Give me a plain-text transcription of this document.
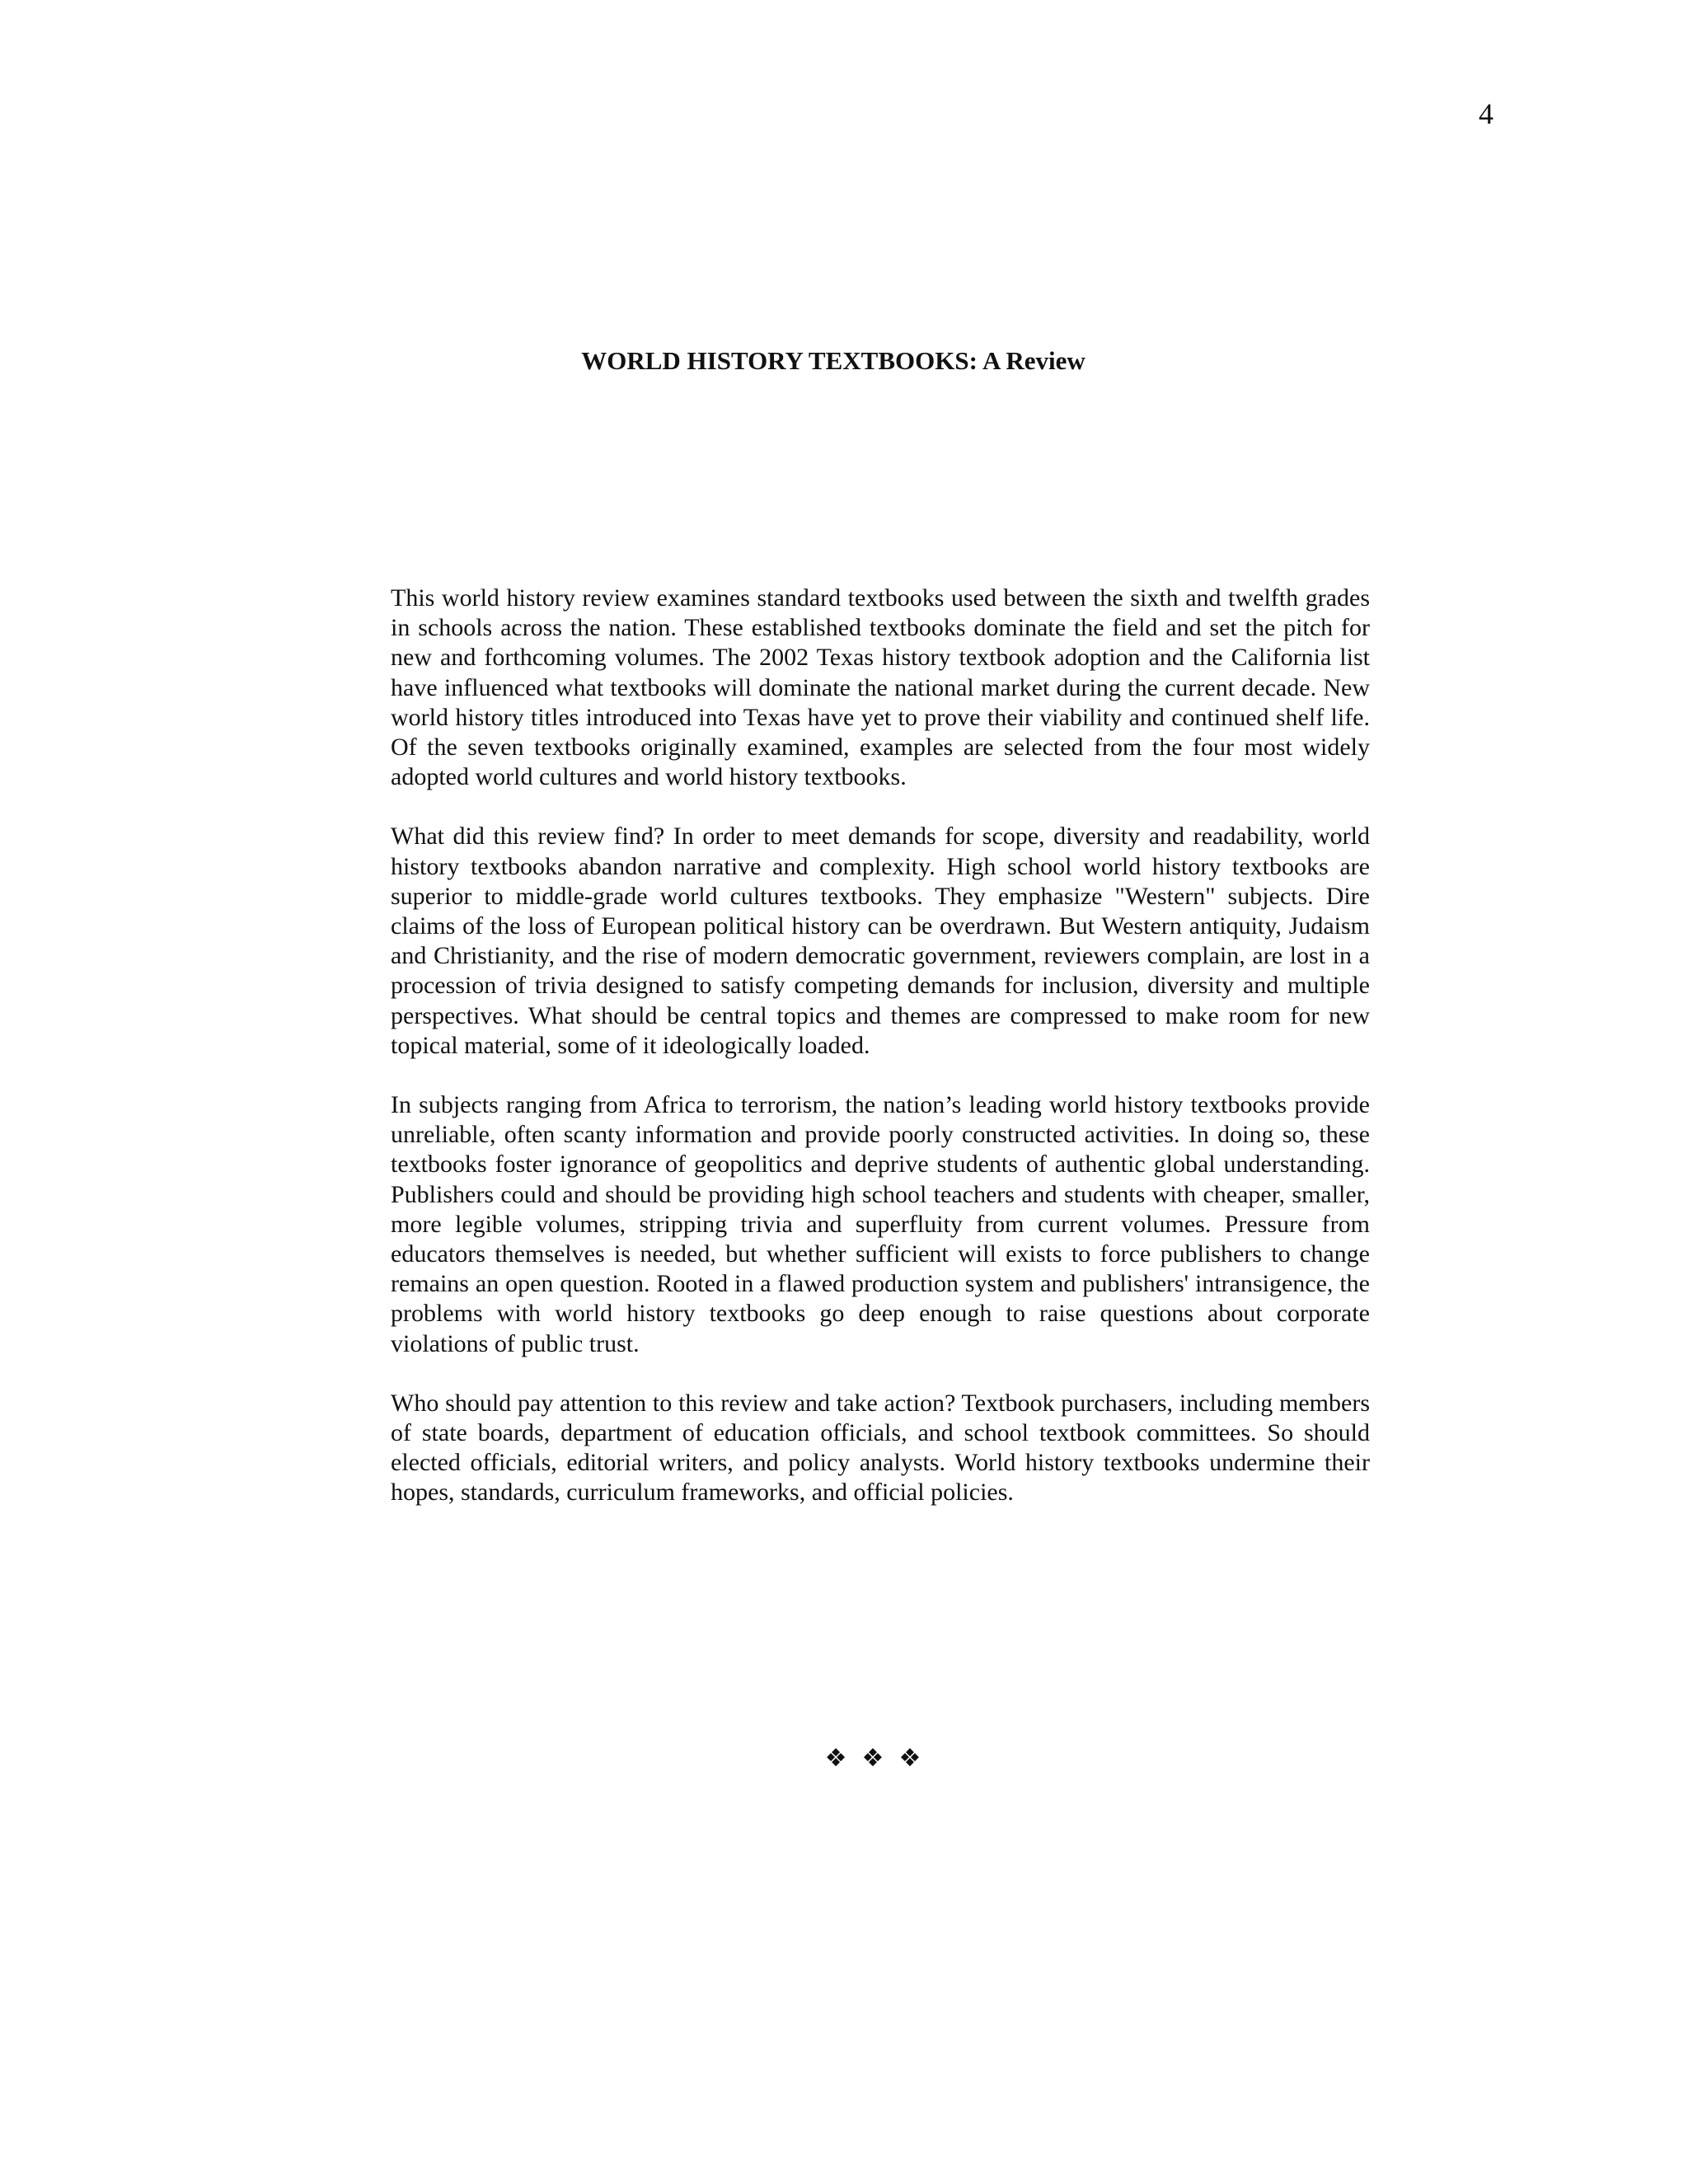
4
WORLD HISTORY TEXTBOOKS: A Review

This world history review examines standard textbooks used between the sixth and twelfth grades in schools across the nation. These established textbooks dominate the field and set the pitch for new and forthcoming volumes. The 2002 Texas history textbook adoption and the California list have influenced what textbooks will dominate the national market during the current decade. New world history titles introduced into Texas have yet to prove their viability and continued shelf life. Of the seven textbooks originally examined, examples are selected from the four most widely adopted world cultures and world history textbooks.

What did this review find? In order to meet demands for scope, diversity and readability, world history textbooks abandon narrative and complexity. High school world history textbooks are superior to middle-grade world cultures textbooks. They emphasize "Western" subjects. Dire claims of the loss of European political history can be overdrawn. But Western antiquity, Judaism and Christianity, and the rise of modern democratic government, reviewers complain, are lost in a procession of trivia designed to satisfy competing demands for inclusion, diversity and multiple perspectives. What should be central topics and themes are compressed to make room for new topical material, some of it ideologically loaded.

In subjects ranging from Africa to terrorism, the nation’s leading world history textbooks provide unreliable, often scanty information and provide poorly constructed activities. In doing so, these textbooks foster ignorance of geopolitics and deprive students of authentic global understanding. Publishers could and should be providing high school teachers and students with cheaper, smaller, more legible volumes, stripping trivia and superfluity from current volumes. Pressure from educators themselves is needed, but whether sufficient will exists to force publishers to change remains an open question. Rooted in a flawed production system and publishers' intransigence, the problems with world history textbooks go deep enough to raise questions about corporate violations of public trust.

Who should pay attention to this review and take action? Textbook purchasers, including members of state boards, department of education officials, and school textbook committees. So should elected officials, editorial writers, and policy analysts. World history textbooks undermine their hopes, standards, curriculum frameworks, and official policies.

❖❖❖
